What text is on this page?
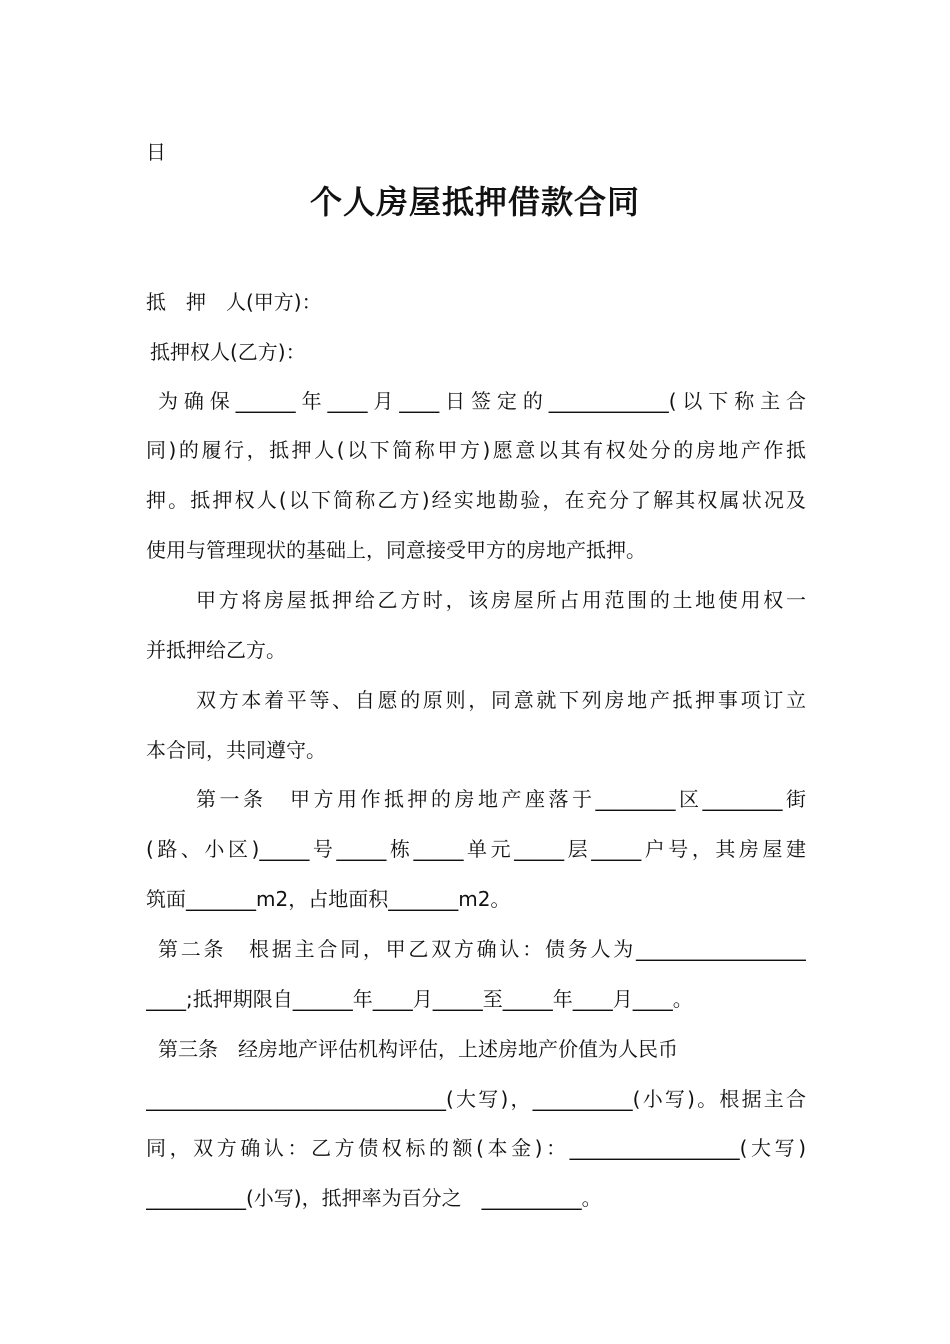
日
个人房屋抵押借款合同
抵　押　人(甲方)：
抵押权人(乙方)：
为确保______年____月____日签定的____________(以下称主合
同)的履行，抵押人(以下简称甲方)愿意以其有权处分的房地产作抵
押。抵押权人(以下简称乙方)经实地勘验，在充分了解其权属状况及
使用与管理现状的基础上，同意接受甲方的房地产抵押。
甲方将房屋抵押给乙方时，该房屋所占用范围的土地使用权一
并抵押给乙方。
双方本着平等、自愿的原则，同意就下列房地产抵押事项订立
本合同，共同遵守。
第一条　甲方用作抵押的房地产座落于________区________街
(路、小区)_____号_____栋_____单元_____层_____户号，其房屋建
筑面_______m2，占地面积_______m2。
第二条　根据主合同，甲乙双方确认：债务人为_________________
____;抵押期限自______年____月_____至_____年____月____。
第三条　经房地产评估机构评估，上述房地产价值为人民币
______________________________(大写)，__________(小写)。根据主合
同，双方确认：乙方债权标的额(本金)：_________________(大写)
__________(小写)，抵押率为百分之　__________。
